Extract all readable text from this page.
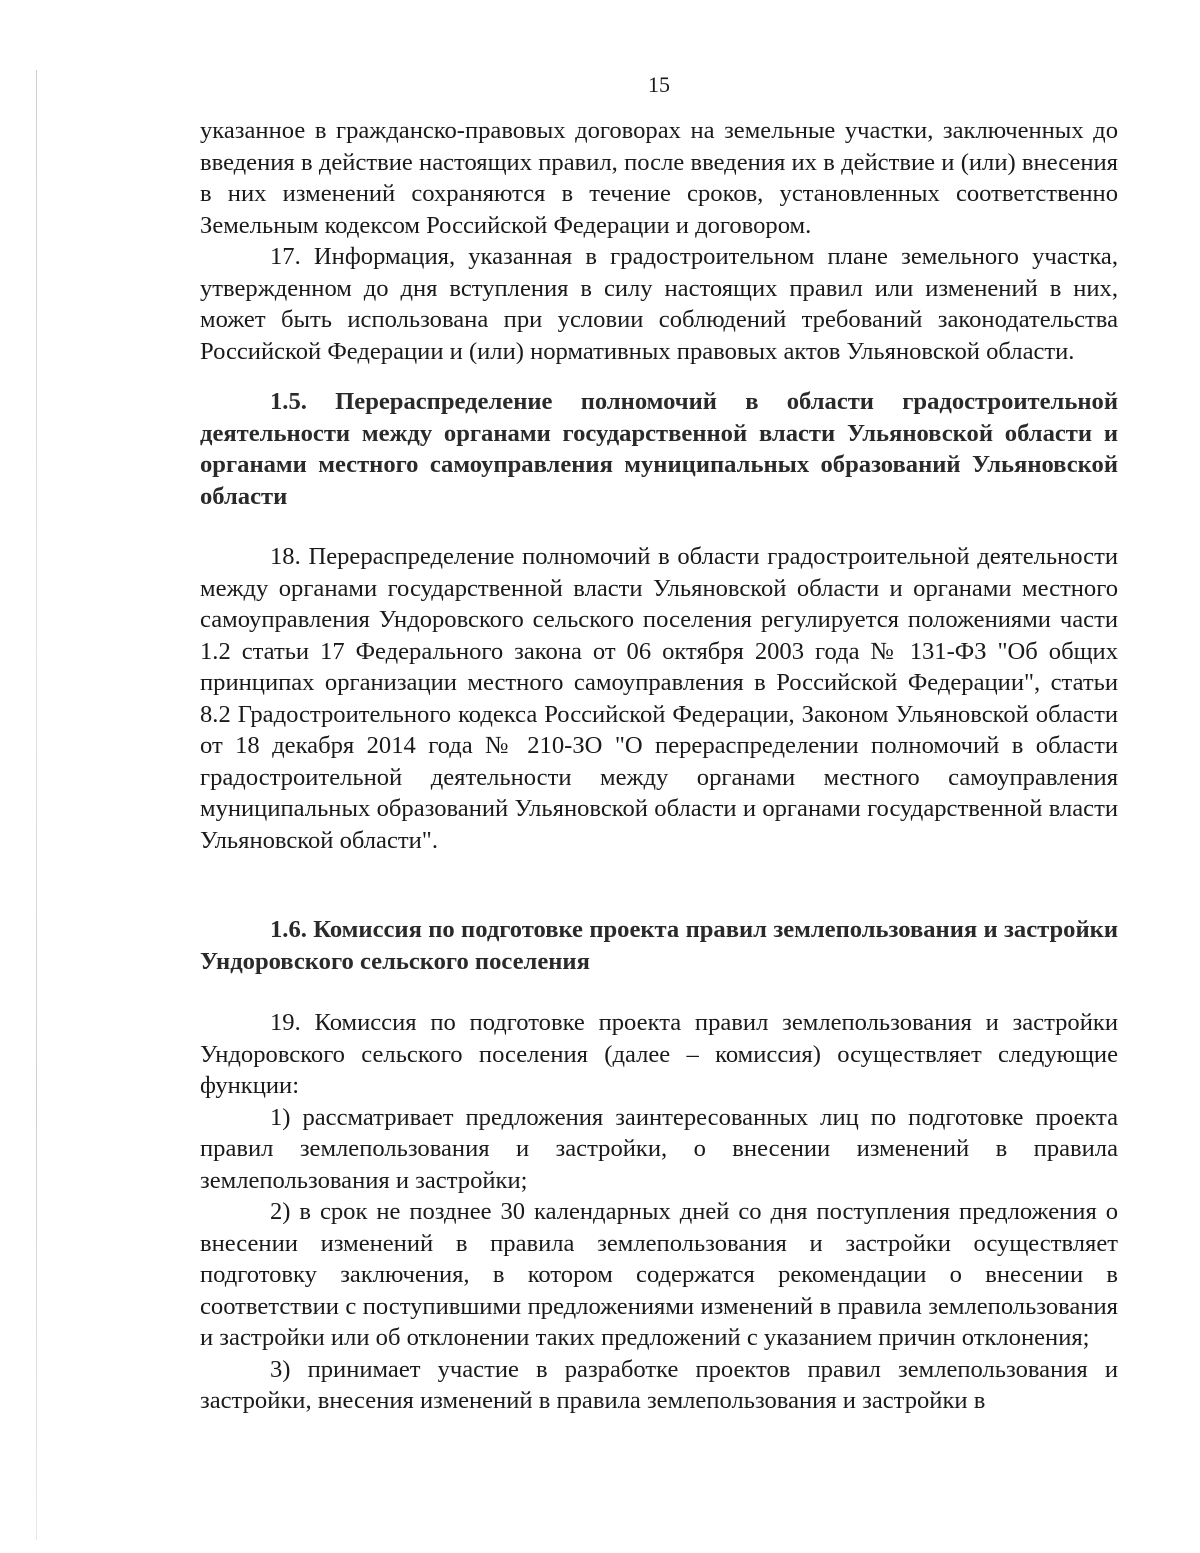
15

указанное в гражданско-правовых договорах на земельные участки, заключенных до введения в действие настоящих правил, после введения их в действие и (или) внесения в них изменений сохраняются в течение сроков, установленных соответственно Земельным кодексом Российской Федерации и договором.

17. Информация, указанная в градостроительном плане земельного участка, утвержденном до дня вступления в силу настоящих правил или изменений в них, может быть использована при условии соблюдений требований законодательства Российской Федерации и (или) нормативных правовых актов Ульяновской области.

1.5. Перераспределение полномочий в области градостроительной деятельности между органами государственной власти Ульяновской области и органами местного самоуправления муниципальных образований Ульяновской области

18. Перераспределение полномочий в области градостроительной деятельности между органами государственной власти Ульяновской области и органами местного самоуправления Ундоровского сельского поселения регулируется положениями части 1.2 статьи 17 Федерального закона от 06 октября 2003 года № 131-ФЗ "Об общих принципах организации местного самоуправления в Российской Федерации", статьи 8.2 Градостроительного кодекса Российской Федерации, Законом Ульяновской области от 18 декабря 2014 года № 210-ЗО "О перераспределении полномочий в области градостроительной деятельности между органами местного самоуправления муниципальных образований Ульяновской области и органами государственной власти Ульяновской области".

1.6. Комиссия по подготовке проекта правил землепользования и застройки Ундоровского сельского поселения

19. Комиссия по подготовке проекта правил землепользования и застройки Ундоровского сельского поселения (далее – комиссия) осуществляет следующие функции:

1) рассматривает предложения заинтересованных лиц по подготовке проекта правил землепользования и застройки, о внесении изменений в правила землепользования и застройки;

2) в срок не позднее 30 календарных дней со дня поступления предложения о внесении изменений в правила землепользования и застройки осуществляет подготовку заключения, в котором содержатся рекомендации о внесении в соответствии с поступившими предложениями изменений в правила землепользования и застройки или об отклонении таких предложений с указанием причин отклонения;

3) принимает участие в разработке проектов правил землепользования и застройки, внесения изменений в правила землепользования и застройки в
